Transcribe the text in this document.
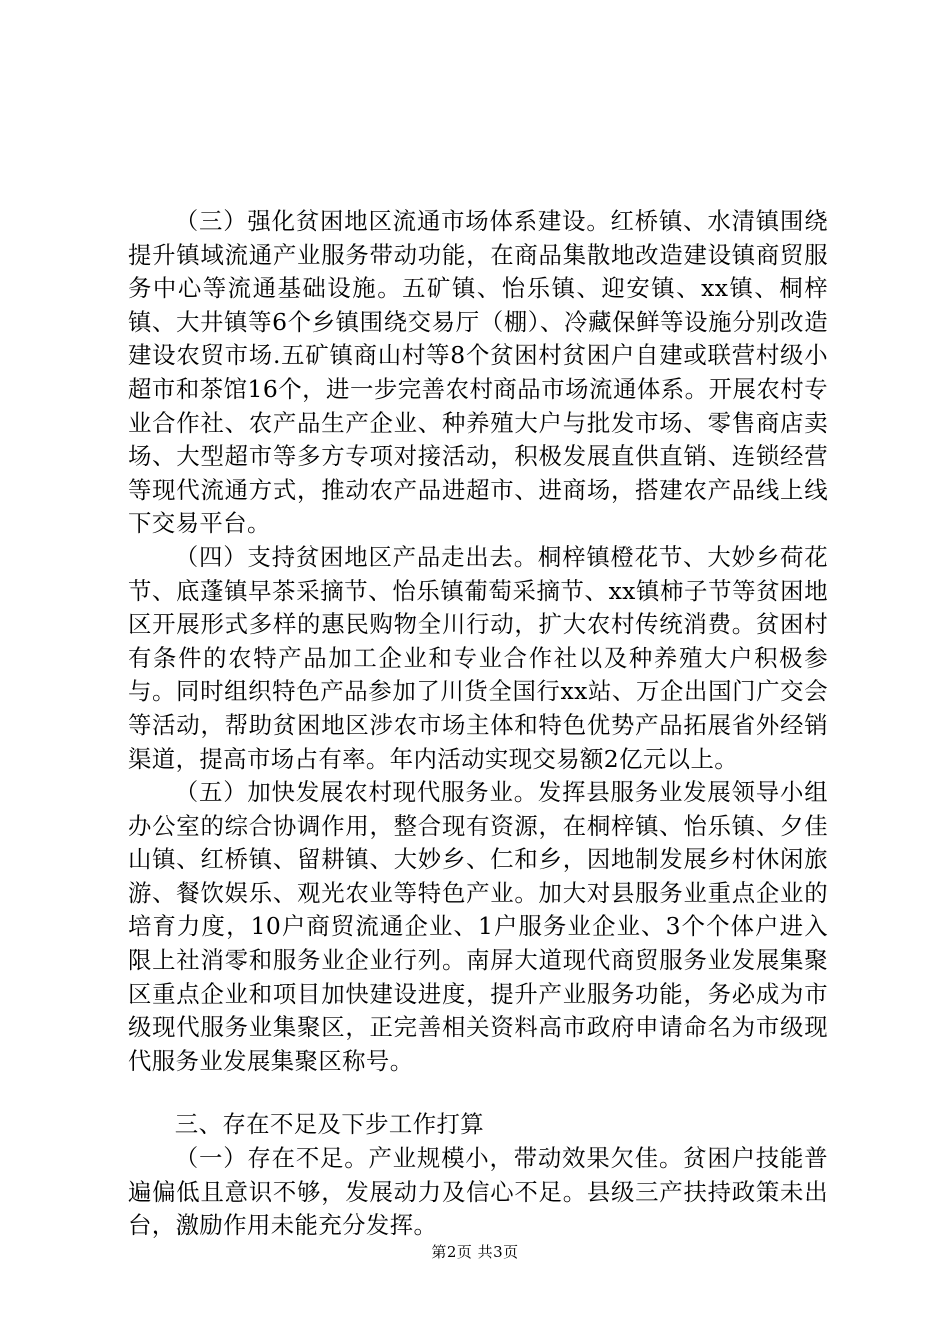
（三）强化贫困地区流通市场体系建设。红桥镇、水清镇围绕提升镇域流通产业服务带动功能，在商品集散地改造建设镇商贸服务中心等流通基础设施。五矿镇、怡乐镇、迎安镇、xx镇、桐梓镇、大井镇等6个乡镇围绕交易厅（棚）、冷藏保鲜等设施分别改造建设农贸市场.五矿镇商山村等8个贫困村贫困户自建或联营村级小超市和茶馆16个，进一步完善农村商品市场流通体系。开展农村专业合作社、农产品生产企业、种养殖大户与批发市场、零售商店卖场、大型超市等多方专项对接活动，积极发展直供直销、连锁经营等现代流通方式，推动农产品进超市、进商场，搭建农产品线上线下交易平台。

（四）支持贫困地区产品走出去。桐梓镇橙花节、大妙乡荷花节、底蓬镇早茶采摘节、怡乐镇葡萄采摘节、xx镇柿子节等贫困地区开展形式多样的惠民购物全川行动，扩大农村传统消费。贫困村有条件的农特产品加工企业和专业合作社以及种养殖大户积极参与。同时组织特色产品参加了川货全国行xx站、万企出国门广交会等活动，帮助贫困地区涉农市场主体和特色优势产品拓展省外经销渠道，提高市场占有率。年内活动实现交易额2亿元以上。

（五）加快发展农村现代服务业。发挥县服务业发展领导小组办公室的综合协调作用，整合现有资源，在桐梓镇、怡乐镇、夕佳山镇、红桥镇、留耕镇、大妙乡、仁和乡，因地制发展乡村休闲旅游、餐饮娱乐、观光农业等特色产业。加大对县服务业重点企业的培育力度，10户商贸流通企业、1户服务业企业、3个个体户进入限上社消零和服务业企业行列。南屏大道现代商贸服务业发展集聚区重点企业和项目加快建设进度，提升产业服务功能，务必成为市级现代服务业集聚区，正完善相关资料高市政府申请命名为市级现代服务业发展集聚区称号。

三、存在不足及下步工作打算

（一）存在不足。产业规模小，带动效果欠佳。贫困户技能普遍偏低且意识不够，发展动力及信心不足。县级三产扶持政策未出台，激励作用未能充分发挥。

第2页 共3页
